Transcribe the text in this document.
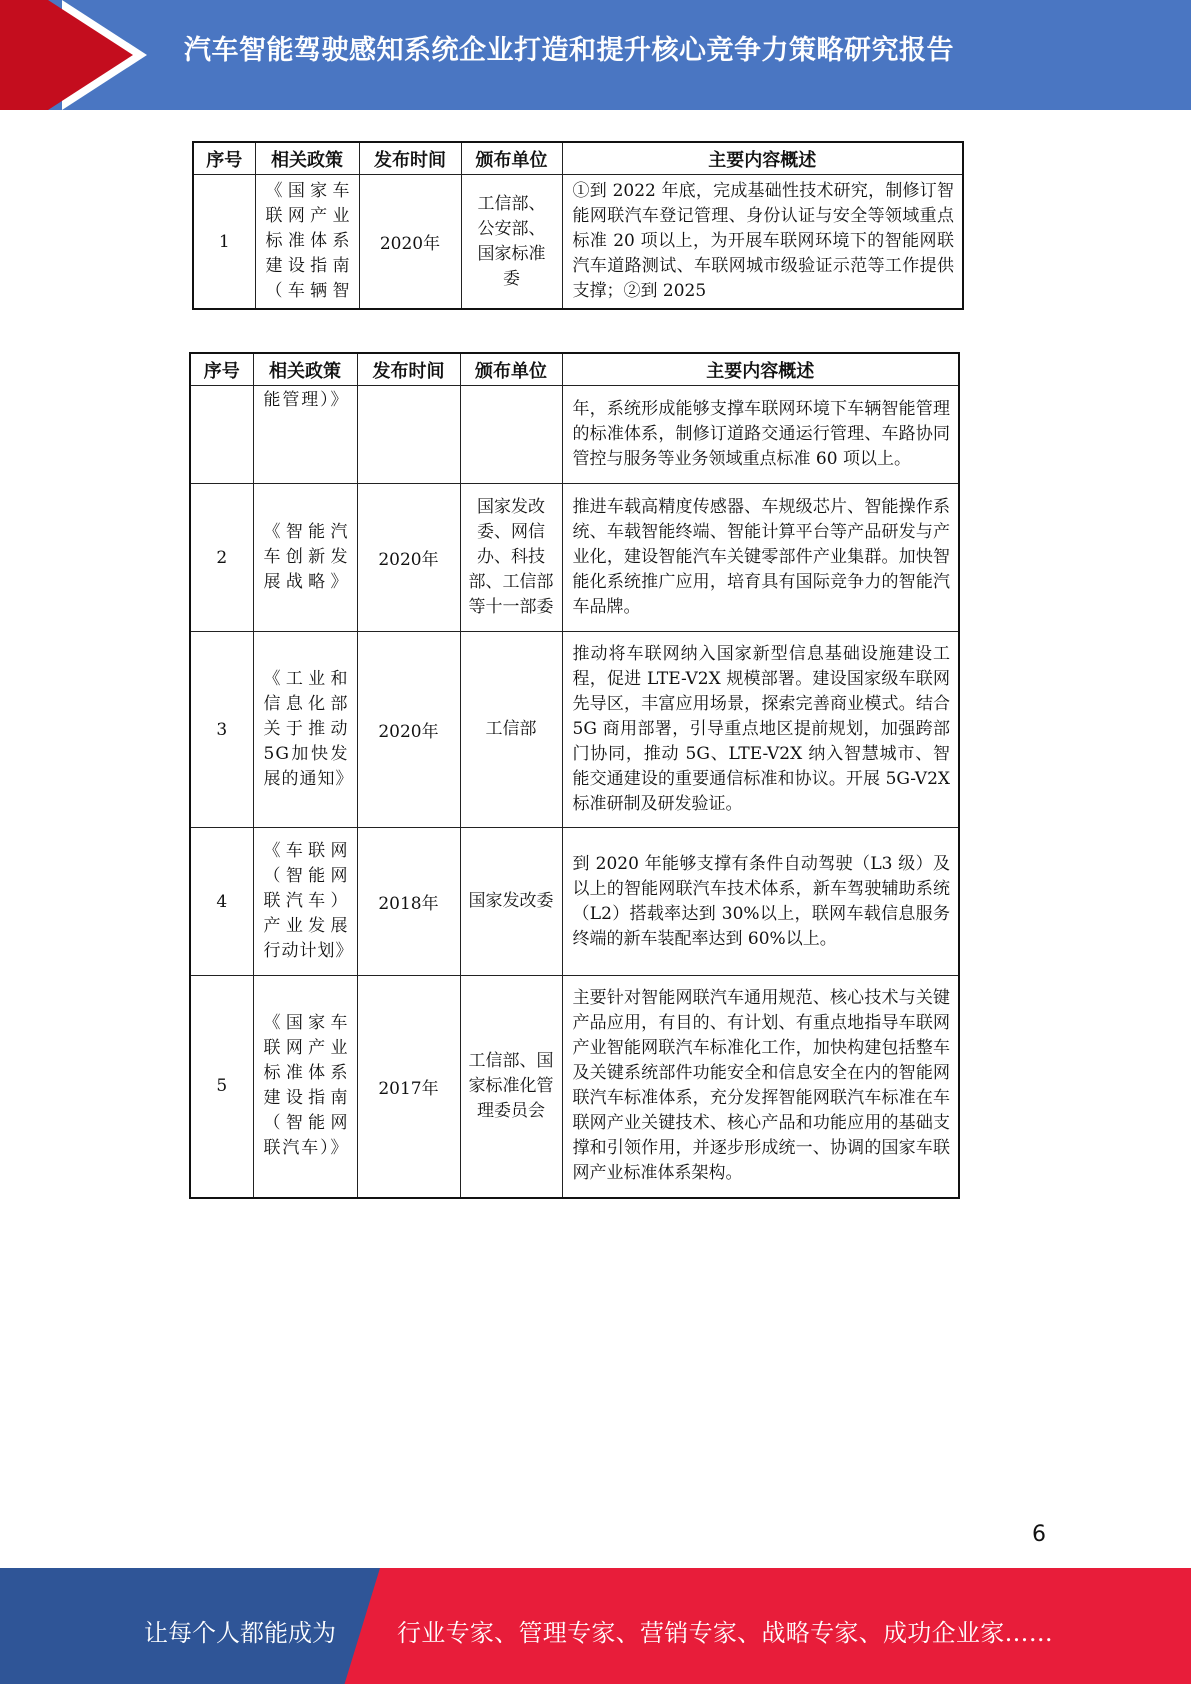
汽车智能驾驶感知系统企业打造和提升核心竞争力策略研究报告
序号	相关政策	发布时间	颁布单位	主要内容概述
1	《国家车联网产业标准体系建设指南（车辆智	2020年	工信部、公安部、国家标准委	①到 2022 年底，完成基础性技术研究，制修订智能网联汽车登记管理、身份认证与安全等领域重点标准 20 项以上，为开展车联网环境下的智能网联汽车道路测试、车联网城市级验证示范等工作提供支撑；②到 2025
序号	相关政策	发布时间	颁布单位	主要内容概述
	能管理）》			年，系统形成能够支撑车联网环境下车辆智能管理的标准体系，制修订道路交通运行管理、车路协同管控与服务等业务领域重点标准 60 项以上。
2	《智能汽车创新发展战略》	2020年	国家发改委、网信办、科技部、工信部等十一部委	推进车载高精度传感器、车规级芯片、智能操作系统、车载智能终端、智能计算平台等产品研发与产业化，建设智能汽车关键零部件产业集群。加快智能化系统推广应用，培育具有国际竞争力的智能汽车品牌。
3	《工业和信息化部关于推动5G加快发展的通知》	2020年	工信部	推动将车联网纳入国家新型信息基础设施建设工程，促进 LTE-V2X 规模部署。建设国家级车联网先导区，丰富应用场景，探索完善商业模式。结合 5G 商用部署，引导重点地区提前规划，加强跨部门协同，推动 5G、LTE-V2X 纳入智慧城市、智能交通建设的重要通信标准和协议。开展 5G-V2X 标准研制及研发验证。
4	《车联网（智能网联汽车）产业发展行动计划》	2018年	国家发改委	到 2020 年能够支撑有条件自动驾驶（L3 级）及以上的智能网联汽车技术体系，新车驾驶辅助系统（L2）搭载率达到 30%以上，联网车载信息服务终端的新车装配率达到 60%以上。
5	《国家车联网产业标准体系建设指南（智能网联汽车）》	2017年	工信部、国家标准化管理委员会	主要针对智能网联汽车通用规范、核心技术与关键产品应用，有目的、有计划、有重点地指导车联网产业智能网联汽车标准化工作，加快构建包括整车及关键系统部件功能安全和信息安全在内的智能网联汽车标准体系，充分发挥智能网联汽车标准在车联网产业关键技术、核心产品和功能应用的基础支撑和引领作用，并逐步形成统一、协调的国家车联网产业标准体系架构。
6
让每个人都能成为	行业专家、管理专家、营销专家、战略专家、成功企业家……
